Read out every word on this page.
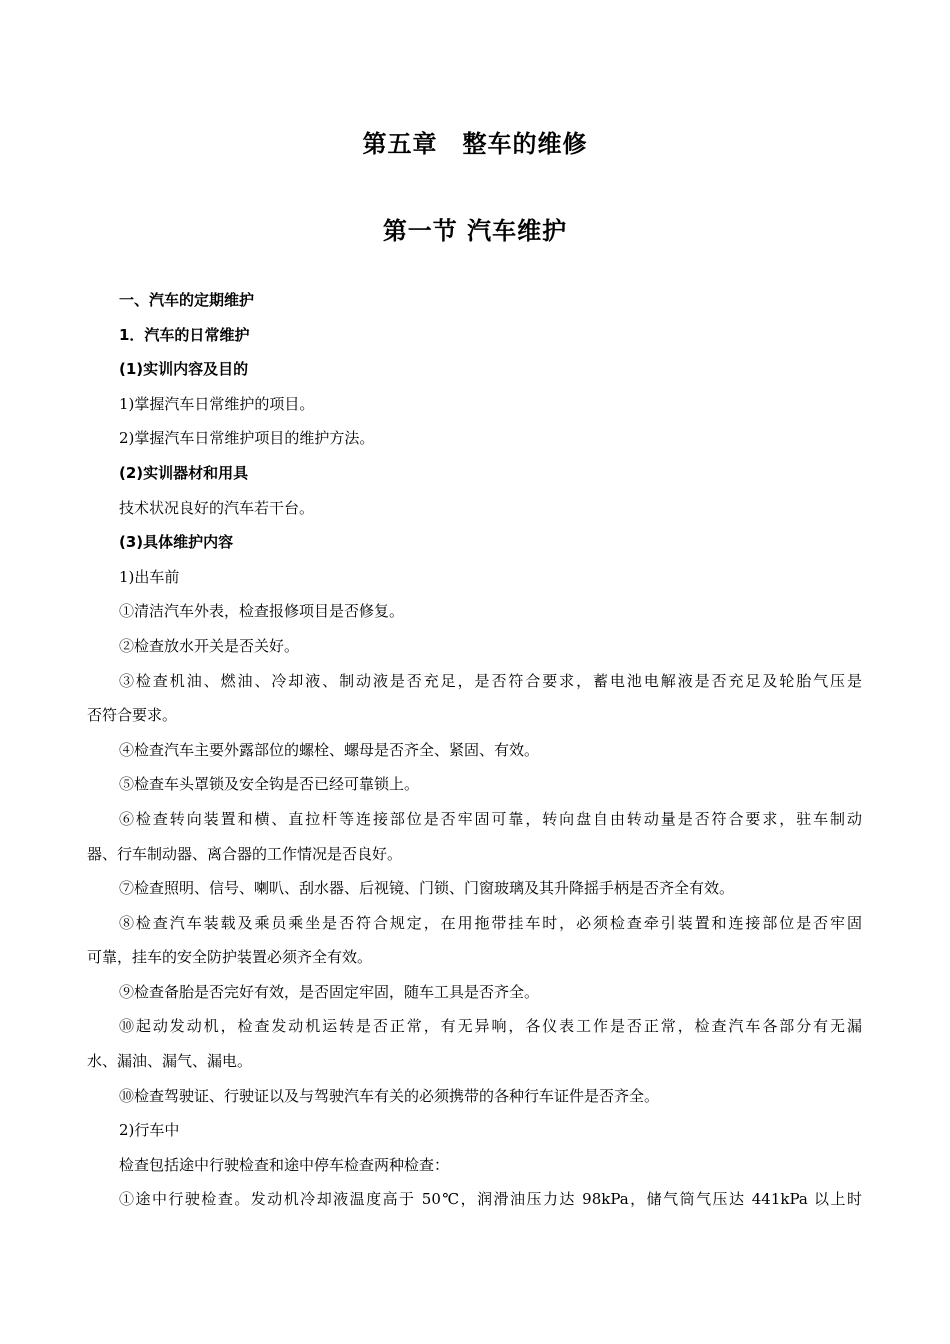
第五章　整车的维修
第一节 汽车维护
一、汽车的定期维护
1．汽车的日常维护
(1)实训内容及目的
1)掌握汽车日常维护的项目。
2)掌握汽车日常维护项目的维护方法。
(2)实训器材和用具
技术状况良好的汽车若干台。
(3)具体维护内容
1)出车前
①清洁汽车外表，检查报修项目是否修复。
②检查放水开关是否关好。
③检查机油、燃油、冷却液、制动液是否充足，是否符合要求，蓄电池电解液是否充足及轮胎气压是
否符合要求。
④检查汽车主要外露部位的螺栓、螺母是否齐全、紧固、有效。
⑤检查车头罩锁及安全钩是否已经可靠锁上。
⑥检查转向装置和横、直拉杆等连接部位是否牢固可靠，转向盘自由转动量是否符合要求，驻车制动
器、行车制动器、离合器的工作情况是否良好。
⑦检查照明、信号、喇叭、刮水器、后视镜、门锁、门窗玻璃及其升降摇手柄是否齐全有效。
⑧检查汽车装载及乘员乘坐是否符合规定，在用拖带挂车时，必须检查牵引装置和连接部位是否牢固
可靠，挂车的安全防护装置必须齐全有效。
⑨检查备胎是否完好有效，是否固定牢固，随车工具是否齐全。
⑩起动发动机，检查发动机运转是否正常，有无异响，各仪表工作是否正常，检查汽车各部分有无漏
水、漏油、漏气、漏电。
⑩检查驾驶证、行驶证以及与驾驶汽车有关的必须携带的各种行车证件是否齐全。
2)行车中
检查包括途中行驶检查和途中停车检查两种检查：
①途中行驶检查。发动机冷却液温度高于 50℃，润滑油压力达 98kPa，储气筒气压达 441kPa 以上时
